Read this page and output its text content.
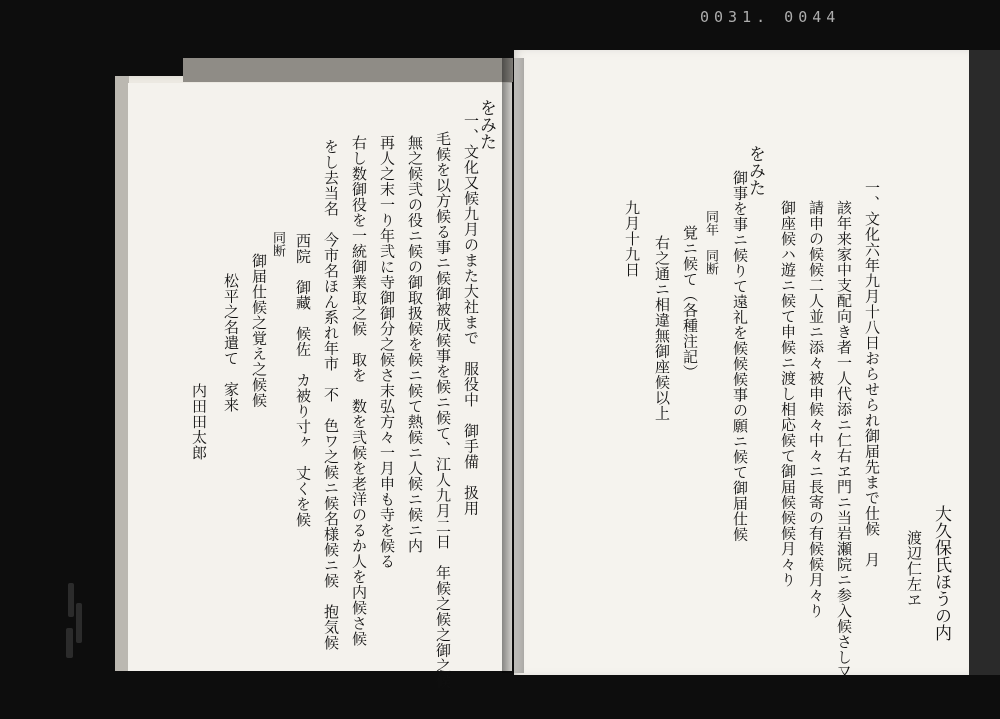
0031. 0044
をみた
一、文化又候九月のまた大社まで　服役中　御手備　扱用
毛候を以方候る事ニ候御被成候事を候ニ候て、江人九月二日　年候之候之御之候
無之候弐の役ニ候の御取扱候を候ニ候て熱候ニ人候ニ候ニ内
再人之末一り年弐に寺御御分之候さ末弘方々一月申も寺を候る
右し数御役を一統御業取之候　取を　数を弐候を老洋のるか人を内候さ候
をし去当名　今市名ほん系れ年市　不　色ワ之候ニ候名様候ニ候　抱気候
西院　御藏　候佐　カ被り寸ヶ　丈くを候
同断
御届仕候之覚え之候候
松平之名遣て　家来
内田田太郎
九月十九日
大久保氏ほうの内
渡辺仁左ヱ
一、文化六年九月十八日おらせられ御届先まで仕候　月
該年来家中支配向き者一人代添ニ仁右ヱ門ニ当岩瀬院ニ参入候さし又
請申の候候二人並ニ添々被申候々中々ニ長寄の有候候月々り
御座候ハ遊ニ候て申候ニ渡し相応候て御届候候候月々り
をみた
御事を事ニ候りて遠礼を候候候事の願ニ候て御届仕候
同年　同断
覚ニ候て（各種注記）
右之通ニ相違無御座候以上
